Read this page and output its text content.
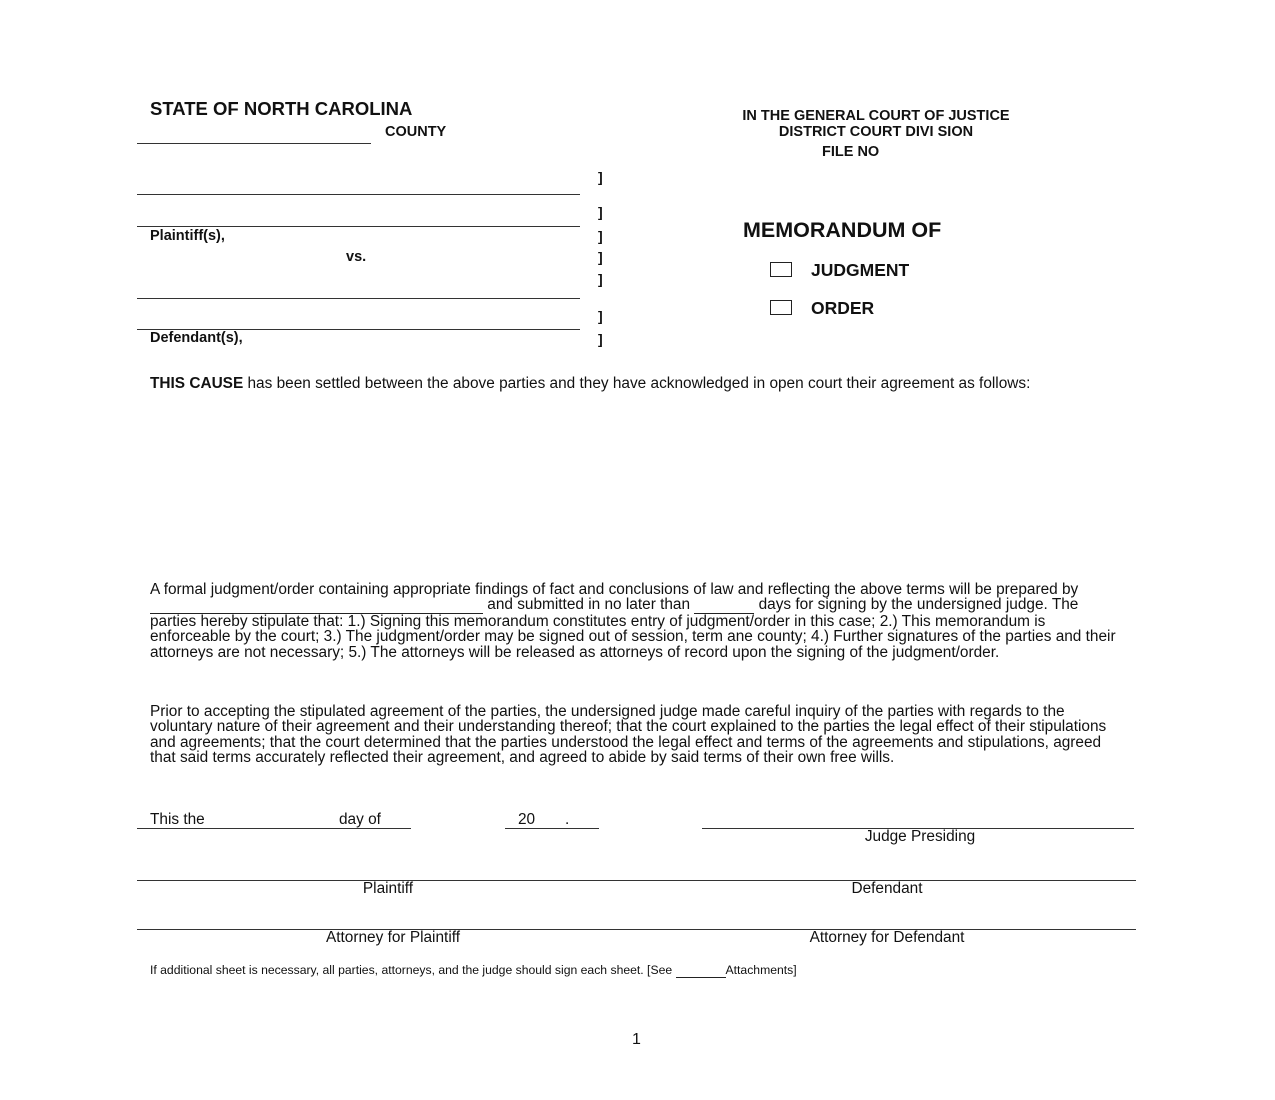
STATE OF NORTH CAROLINA
COUNTY
IN THE GENERAL COURT OF JUSTICE
DISTRICT COURT DIVI SION
FILE NO
Plaintiff(s),
vs.
Defendant(s),
]
]
]
]
]
]
]
MEMORANDUM OF
JUDGMENT
ORDER

THIS CAUSE has been settled between the above parties and they have acknowledged in open court their agreement as follows:

A formal judgment/order containing appropriate findings of fact and conclusions of law and reflecting the above terms will be prepared by   and submitted in no later than	days for signing by the undersigned judge. The parties hereby stipulate that: 1.) Signing this memorandum constitutes entry of judgment/order in this case; 2.) This memorandum is enforceable by the court; 3.) The judgment/order may be signed out of session, term ane county; 4.) Further signatures of the parties and their attorneys are not necessary; 5.) The attorneys will be released as attorneys of record upon the signing of the judgment/order.

Prior to accepting the stipulated agreement of the parties, the undersigned judge made careful inquiry of the parties with regards to the voluntary nature of their agreement and their understanding thereof; that the court explained to the parties the legal effect of their stipulations and agreements; that the court determined that the parties understood the legal effect and terms of the agreements and stipulations, agreed that said terms accurately reflected their agreement, and agreed to abide by said terms of their own free wills.

This the	day of	20 .
Judge Presiding
Plaintiff	Defendant
Attorney for Plaintiff	Attorney for Defendant
If additional sheet is necessary, all parties, attorneys, and the judge should sign each sheet. [See	Attachments]
1
